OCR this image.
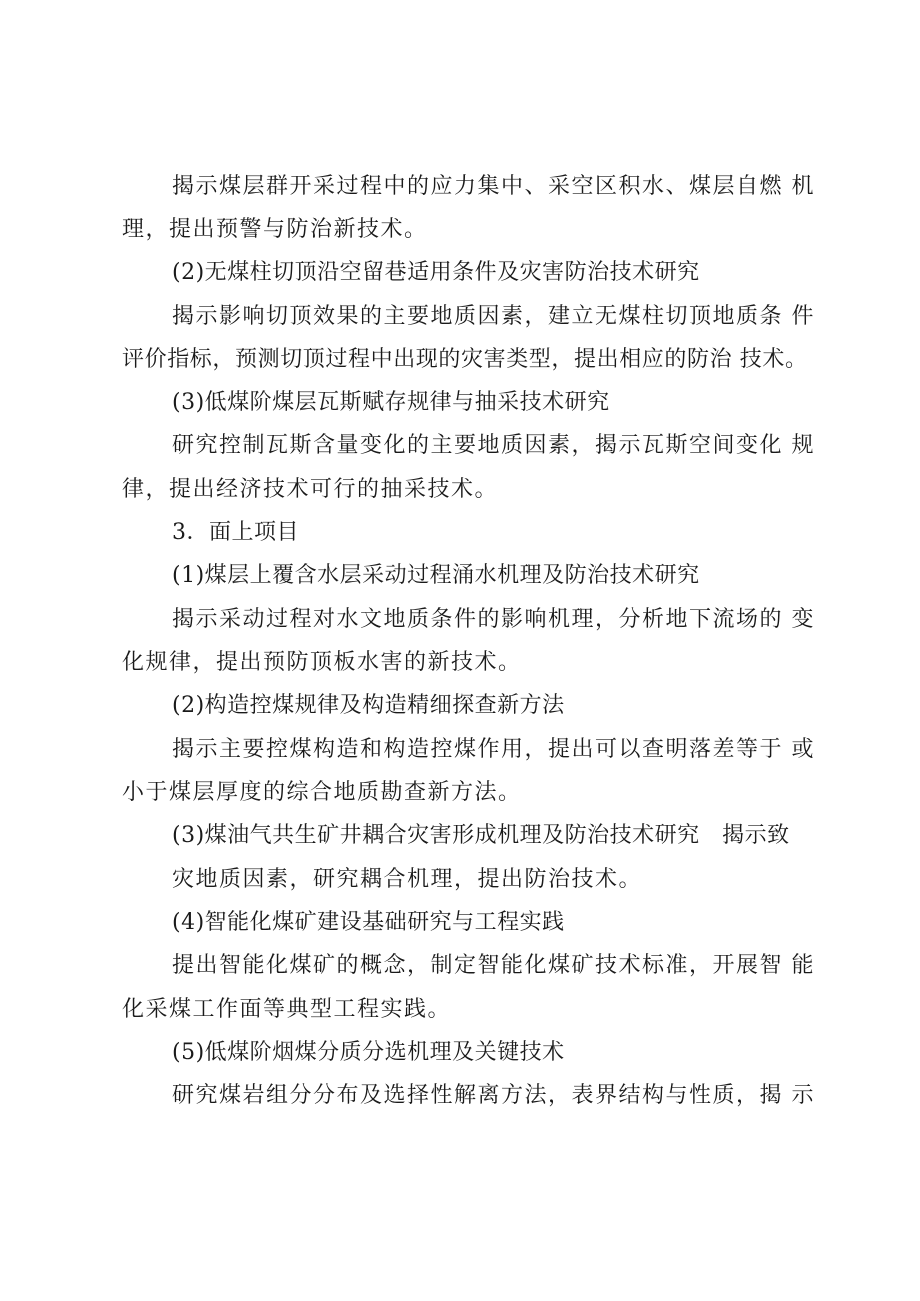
揭示煤层群开采过程中的应力集中、采空区积水、煤层自燃 机
理，提出预警与防治新技术。
(2)无煤柱切顶沿空留巷适用条件及灾害防治技术研究
揭示影响切顶效果的主要地质因素，建立无煤柱切顶地质条 件
评价指标，预测切顶过程中出现的灾害类型，提出相应的防治 技术。
(3)低煤阶煤层瓦斯赋存规律与抽采技术研究
研究控制瓦斯含量变化的主要地质因素，揭示瓦斯空间变化 规
律，提出经济技术可行的抽采技术。
3．面上项目
(1)煤层上覆含水层采动过程涌水机理及防治技术研究
揭示采动过程对水文地质条件的影响机理，分析地下流场的 变
化规律，提出预防顶板水害的新技术。
(2)构造控煤规律及构造精细探查新方法
揭示主要控煤构造和构造控煤作用，提出可以查明落差等于 或
小于煤层厚度的综合地质勘查新方法。
(3)煤油气共生矿井耦合灾害形成机理及防治技术研究　揭示致
灾地质因素，研究耦合机理，提出防治技术。
(4)智能化煤矿建设基础研究与工程实践
提出智能化煤矿的概念，制定智能化煤矿技术标准，开展智 能
化采煤工作面等典型工程实践。
(5)低煤阶烟煤分质分选机理及关键技术
研究煤岩组分分布及选择性解离方法，表界结构与性质，揭 示
